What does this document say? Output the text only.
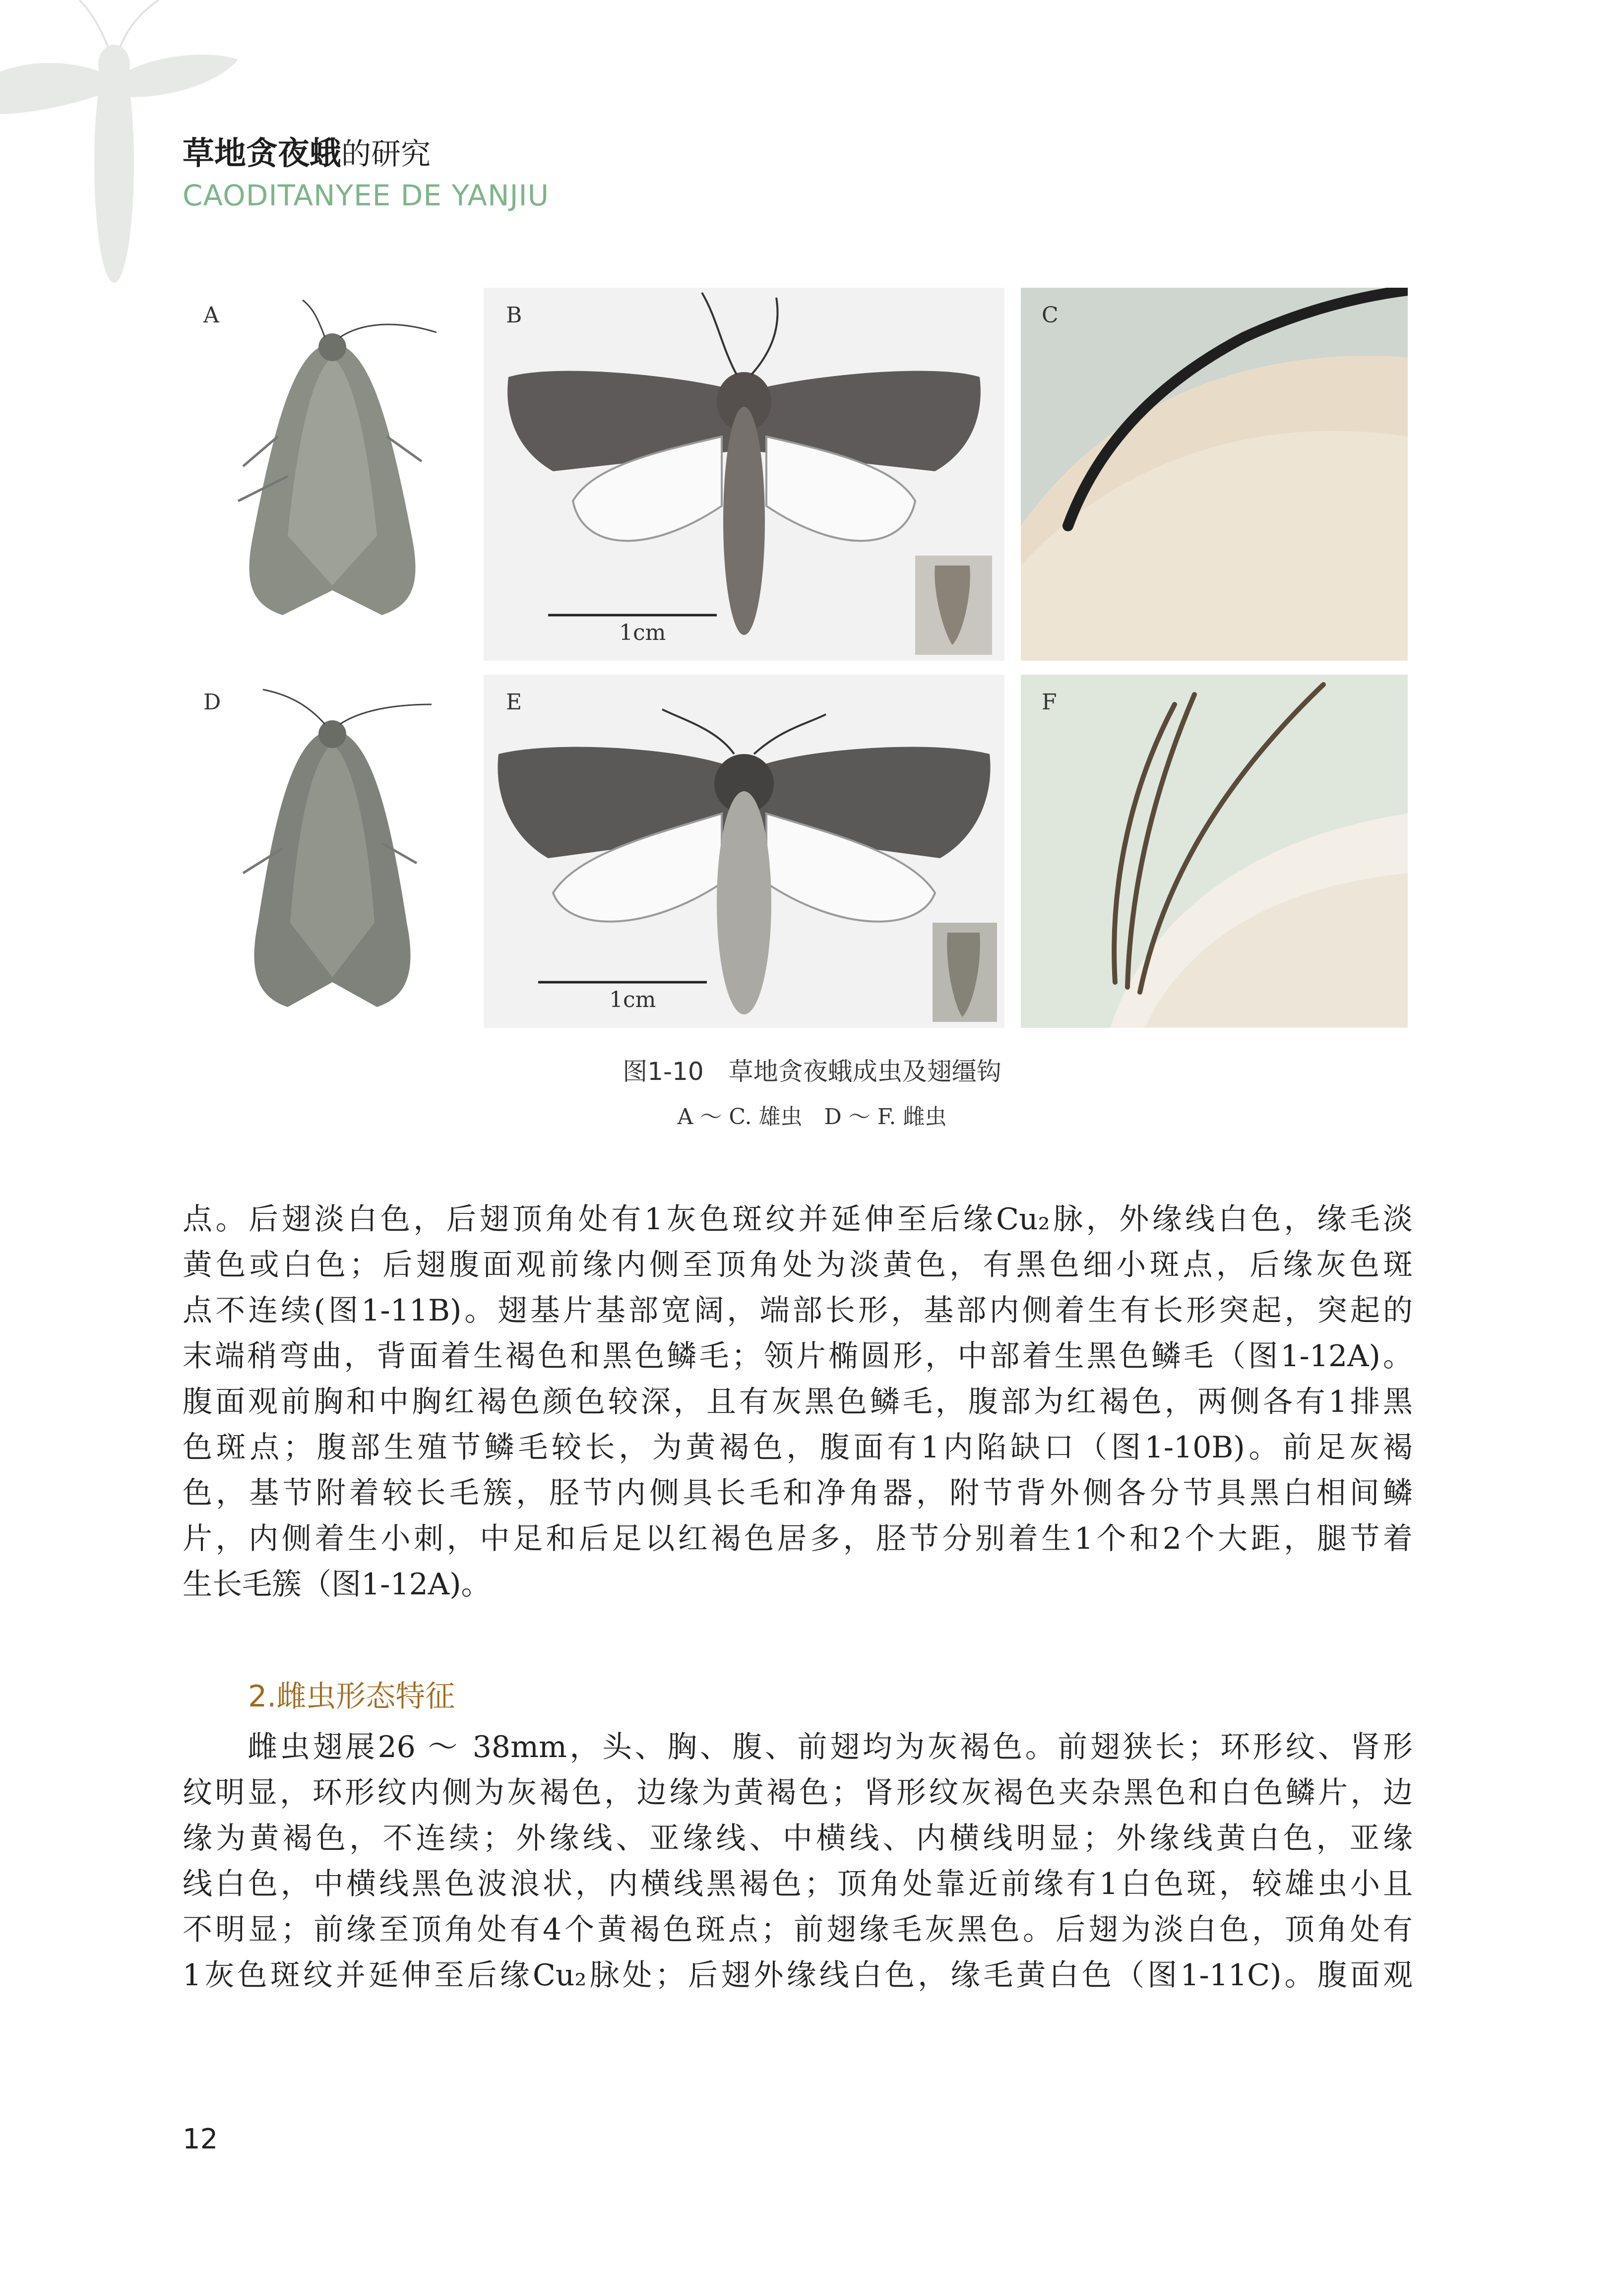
草地贪夜蛾的研究
CAODITANYEE DE YANJIU
A	B
1cm
C
D	E
1cm
F
图1-10　草地贪夜蛾成虫及翅缰钩
A ～ C. 雄虫　D ～ F. 雌虫
点。后翅淡白色，后翅顶角处有1灰色斑纹并延伸至后缘Cu₂脉，外缘线白色，缘毛淡
黄色或白色；后翅腹面观前缘内侧至顶角处为淡黄色，有黑色细小斑点，后缘灰色斑
点不连续(图1-11B)。翅基片基部宽阔，端部长形，基部内侧着生有长形突起，突起的
末端稍弯曲，背面着生褐色和黑色鳞毛；领片椭圆形，中部着生黑色鳞毛（图1-12A)。
腹面观前胸和中胸红褐色颜色较深，且有灰黑色鳞毛，腹部为红褐色，两侧各有1排黑
色斑点；腹部生殖节鳞毛较长，为黄褐色，腹面有1内陷缺口（图1-10B)。前足灰褐
色，基节附着较长毛簇，胫节内侧具长毛和净角器，附节背外侧各分节具黑白相间鳞
片，内侧着生小刺，中足和后足以红褐色居多，胫节分别着生1个和2个大距，腿节着
生长毛簇（图1-12A)。
2.雌虫形态特征
　　雌虫翅展26 ～ 38mm，头、胸、腹、前翅均为灰褐色。前翅狭长；环形纹、肾形
纹明显，环形纹内侧为灰褐色，边缘为黄褐色；肾形纹灰褐色夹杂黑色和白色鳞片，边
缘为黄褐色，不连续；外缘线、亚缘线、中横线、内横线明显；外缘线黄白色，亚缘
线白色，中横线黑色波浪状，内横线黑褐色；顶角处靠近前缘有1白色斑，较雄虫小且
不明显；前缘至顶角处有4个黄褐色斑点；前翅缘毛灰黑色。后翅为淡白色，顶角处有
1灰色斑纹并延伸至后缘Cu₂脉处；后翅外缘线白色，缘毛黄白色（图1-11C)。腹面观
12
